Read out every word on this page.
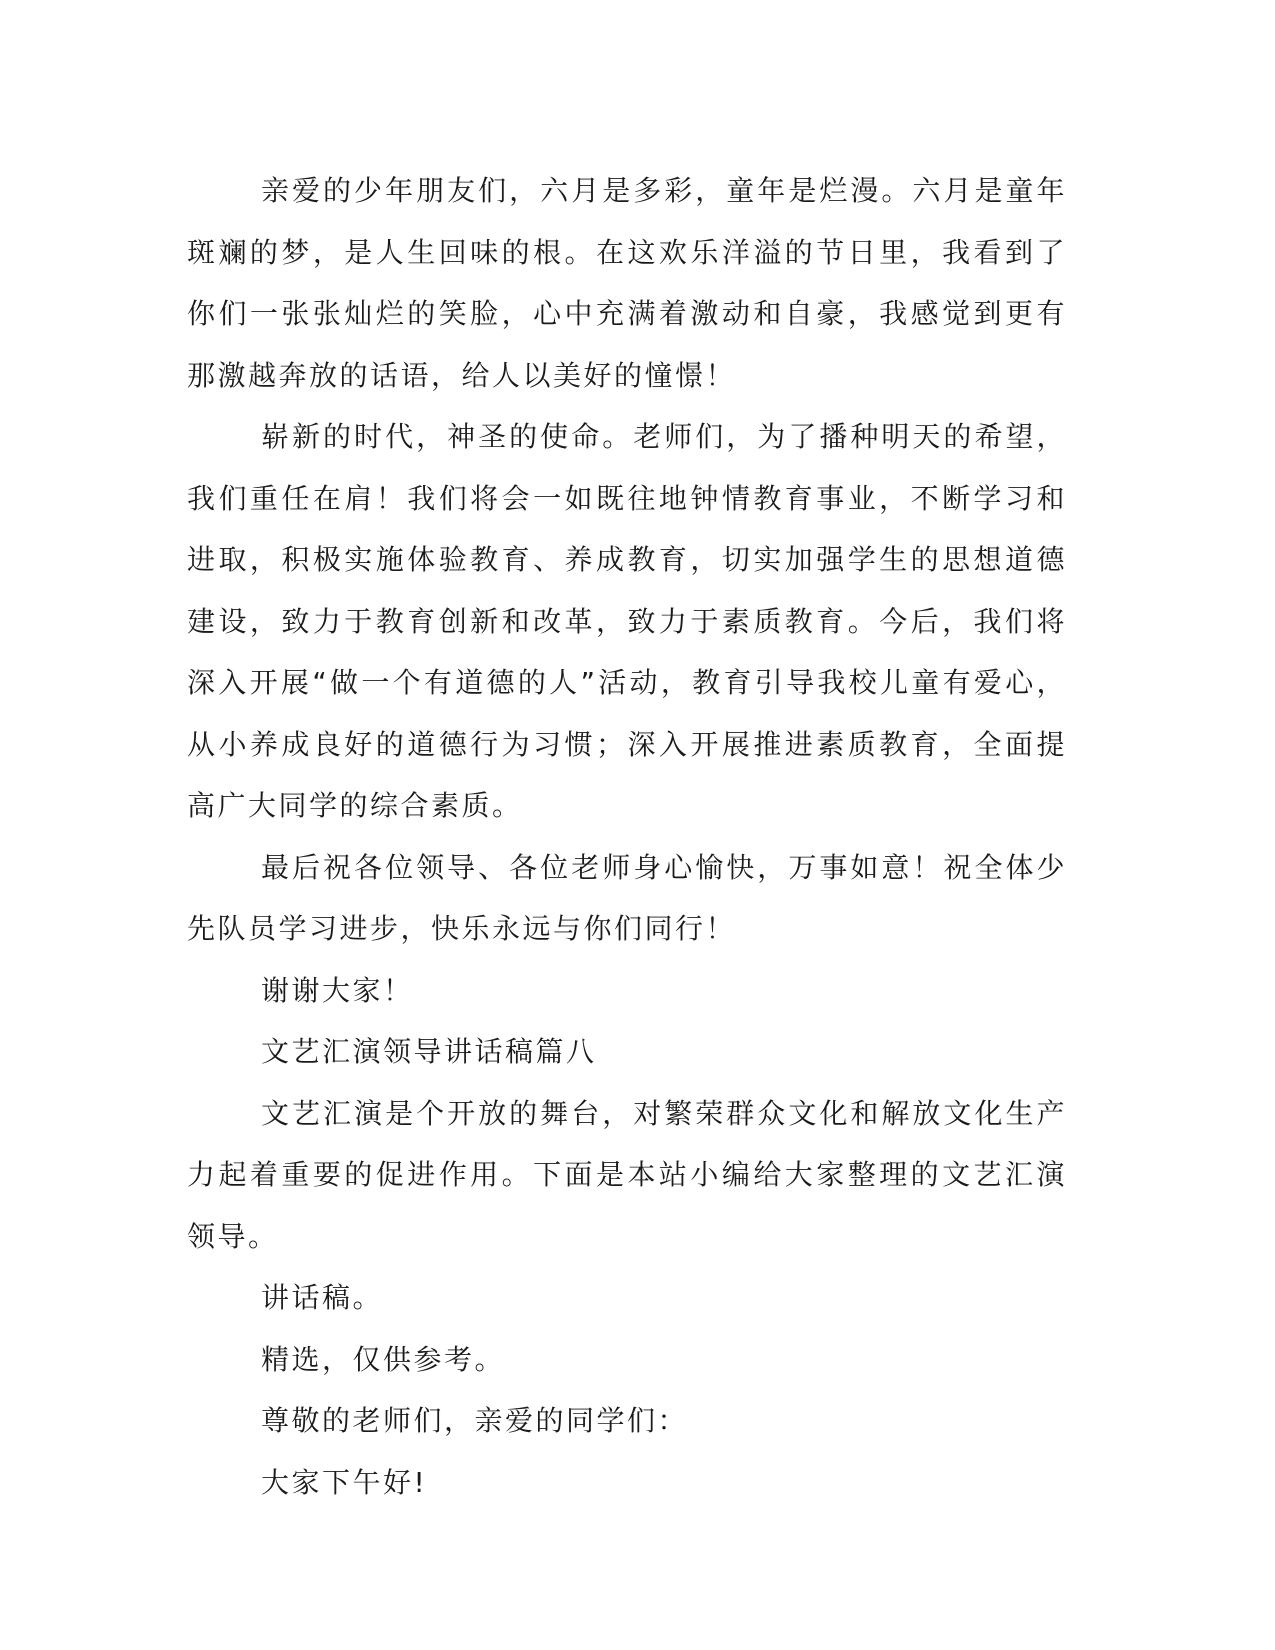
亲爱的少年朋友们，六月是多彩，童年是烂漫。六月是童年斑斓的梦，是人生回味的根。在这欢乐洋溢的节日里，我看到了你们一张张灿烂的笑脸，心中充满着激动和自豪，我感觉到更有那激越奔放的话语，给人以美好的憧憬！

崭新的时代，神圣的使命。老师们，为了播种明天的希望，我们重任在肩！我们将会一如既往地钟情教育事业，不断学习和进取，积极实施体验教育、养成教育，切实加强学生的思想道德建设，致力于教育创新和改革，致力于素质教育。今后，我们将深入开展“做一个有道德的人”活动，教育引导我校儿童有爱心，从小养成良好的道德行为习惯；深入开展推进素质教育，全面提高广大同学的综合素质。

最后祝各位领导、各位老师身心愉快，万事如意！祝全体少先队员学习进步，快乐永远与你们同行！

谢谢大家！

文艺汇演领导讲话稿篇八

文艺汇演是个开放的舞台，对繁荣群众文化和解放文化生产力起着重要的促进作用。下面是本站小编给大家整理的文艺汇演领导。

讲话稿。

精选，仅供参考。

尊敬的老师们，亲爱的同学们：

大家下午好!
